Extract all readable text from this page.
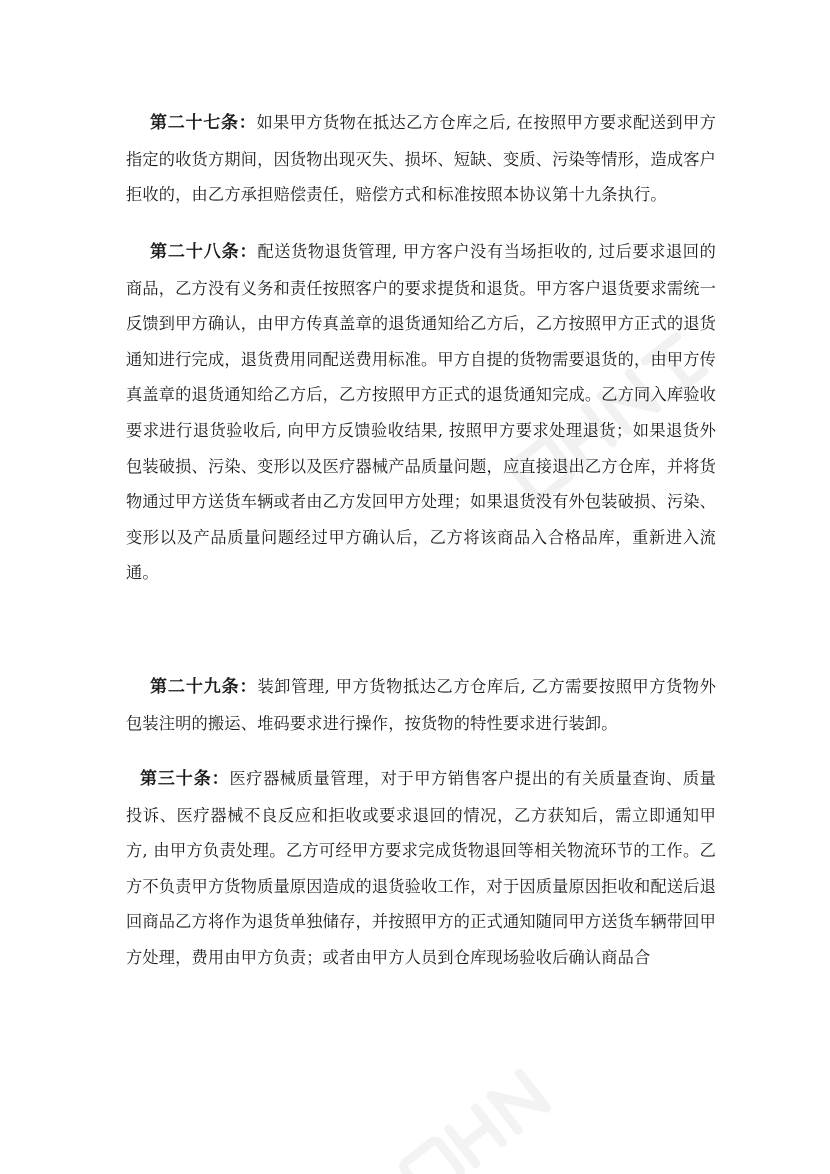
第二十七条：如果甲方货物在抵达乙方仓库之后, 在按照甲方要求配送到甲方指定的收货方期间，因货物出现灭失、损坏、短缺、变质、污染等情形，造成客户拒收的，由乙方承担赔偿责任，赔偿方式和标准按照本协议第十九条执行。

第二十八条：配送货物退货管理, 甲方客户没有当场拒收的, 过后要求退回的商品，乙方没有义务和责任按照客户的要求提货和退货。甲方客户退货要求需统一反馈到甲方确认，由甲方传真盖章的退货通知给乙方后，乙方按照甲方正式的退货通知进行完成，退货费用同配送费用标准。甲方自提的货物需要退货的，由甲方传真盖章的退货通知给乙方后，乙方按照甲方正式的退货通知完成。乙方同入库验收要求进行退货验收后, 向甲方反馈验收结果, 按照甲方要求处理退货；如果退货外包装破损、污染、变形以及医疗器械产品质量问题，应直接退出乙方仓库，并将货物通过甲方送货车辆或者由乙方发回甲方处理；如果退货没有外包装破损、污染、变形以及产品质量问题经过甲方确认后，乙方将该商品入合格品库，重新进入流通。

第二十九条：装卸管理, 甲方货物抵达乙方仓库后, 乙方需要按照甲方货物外包装注明的搬运、堆码要求进行操作，按货物的特性要求进行装卸。

第三十条：医疗器械质量管理，对于甲方销售客户提出的有关质量查询、质量投诉、医疗器械不良反应和拒收或要求退回的情况，乙方获知后，需立即通知甲方, 由甲方负责处理。乙方可经甲方要求完成货物退回等相关物流环节的工作。乙方不负责甲方货物质量原因造成的退货验收工作，对于因质量原因拒收和配送后退回商品乙方将作为退货单独储存，并按照甲方的正式通知随同甲方送货车辆带回甲方处理，费用由甲方负责；或者由甲方人员到仓库现场验收后确认商品合
